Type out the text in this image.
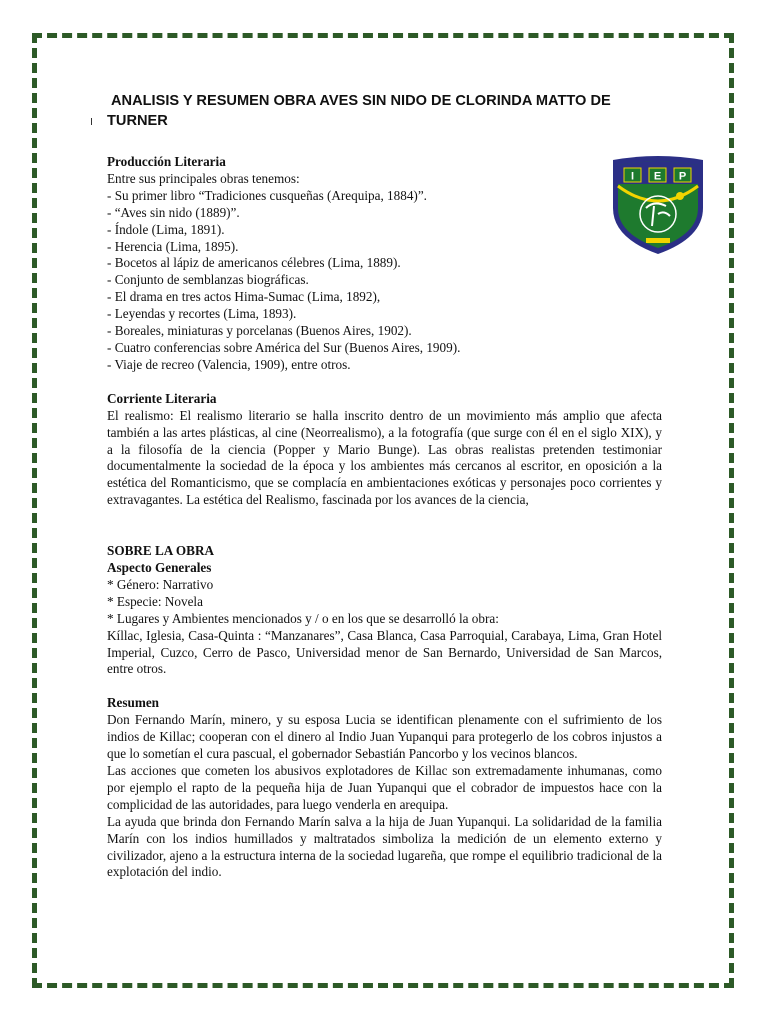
ANALISIS Y RESUMEN OBRA AVES SIN NIDO DE CLORINDA MATTO DE
TURNER
I E P

Producción Literaria

Entre sus principales obras tenemos:

- Su primer libro “Tradiciones cusqueñas (Arequipa, 1884)”.

- “Aves sin nido (1889)”.

- Índole (Lima, 1891).

- Herencia (Lima, 1895).

- Bocetos al lápiz de americanos célebres (Lima, 1889).

- Conjunto de semblanzas biográficas.

- El drama en tres actos Hima-Sumac (Lima, 1892),

- Leyendas y recortes (Lima, 1893).

- Boreales, miniaturas y porcelanas (Buenos Aires, 1902).

- Cuatro conferencias sobre América del Sur (Buenos Aires, 1909).

- Viaje de recreo (Valencia, 1909), entre otros.

Corriente Literaria

El realismo: El realismo literario se halla inscrito dentro de un movimiento más amplio que afecta también a las artes plásticas, al cine (Neorrealismo), a la fotografía (que surge con él en el siglo XIX), y a la filosofía de la ciencia (Popper y Mario Bunge). Las obras realistas pretenden testimoniar documentalmente la sociedad de la época y los ambientes más cercanos al escritor, en oposición a la estética del Romanticismo, que se complacía en ambientaciones exóticas y personajes poco corrientes y extravagantes. La estética del Realismo, fascinada por los avances de la ciencia,

SOBRE LA OBRA

Aspecto Generales

* Género: Narrativo

* Especie: Novela

* Lugares y Ambientes mencionados y / o en los que se desarrolló la obra:

Kíllac, Iglesia, Casa-Quinta : “Manzanares”, Casa Blanca, Casa Parroquial, Carabaya, Lima, Gran Hotel Imperial, Cuzco, Cerro de Pasco, Universidad menor de San Bernardo, Universidad de San Marcos, entre otros.

Resumen

Don Fernando Marín, minero, y su esposa Lucia se identifican plenamente con el sufrimiento de los indios de Killac; cooperan con el dinero al Indio Juan Yupanqui para protegerlo de los cobros injustos a que lo sometían el cura pascual, el gobernador Sebastián Pancorbo y los vecinos blancos.

Las acciones que cometen los abusivos explotadores de Killac son extremadamente inhumanas, como por ejemplo el rapto de la pequeña hija de Juan Yupanqui que el cobrador de impuestos hace con la complicidad de las autoridades, para luego venderla en arequipa.

La ayuda que brinda don Fernando Marín salva a la hija de Juan Yupanqui. La solidaridad de la familia Marín con los indios humillados y maltratados simboliza la medición de un elemento externo y civilizador, ajeno a la estructura interna de la sociedad lugareña, que rompe el equilibrio tradicional de la explotación del indio.
